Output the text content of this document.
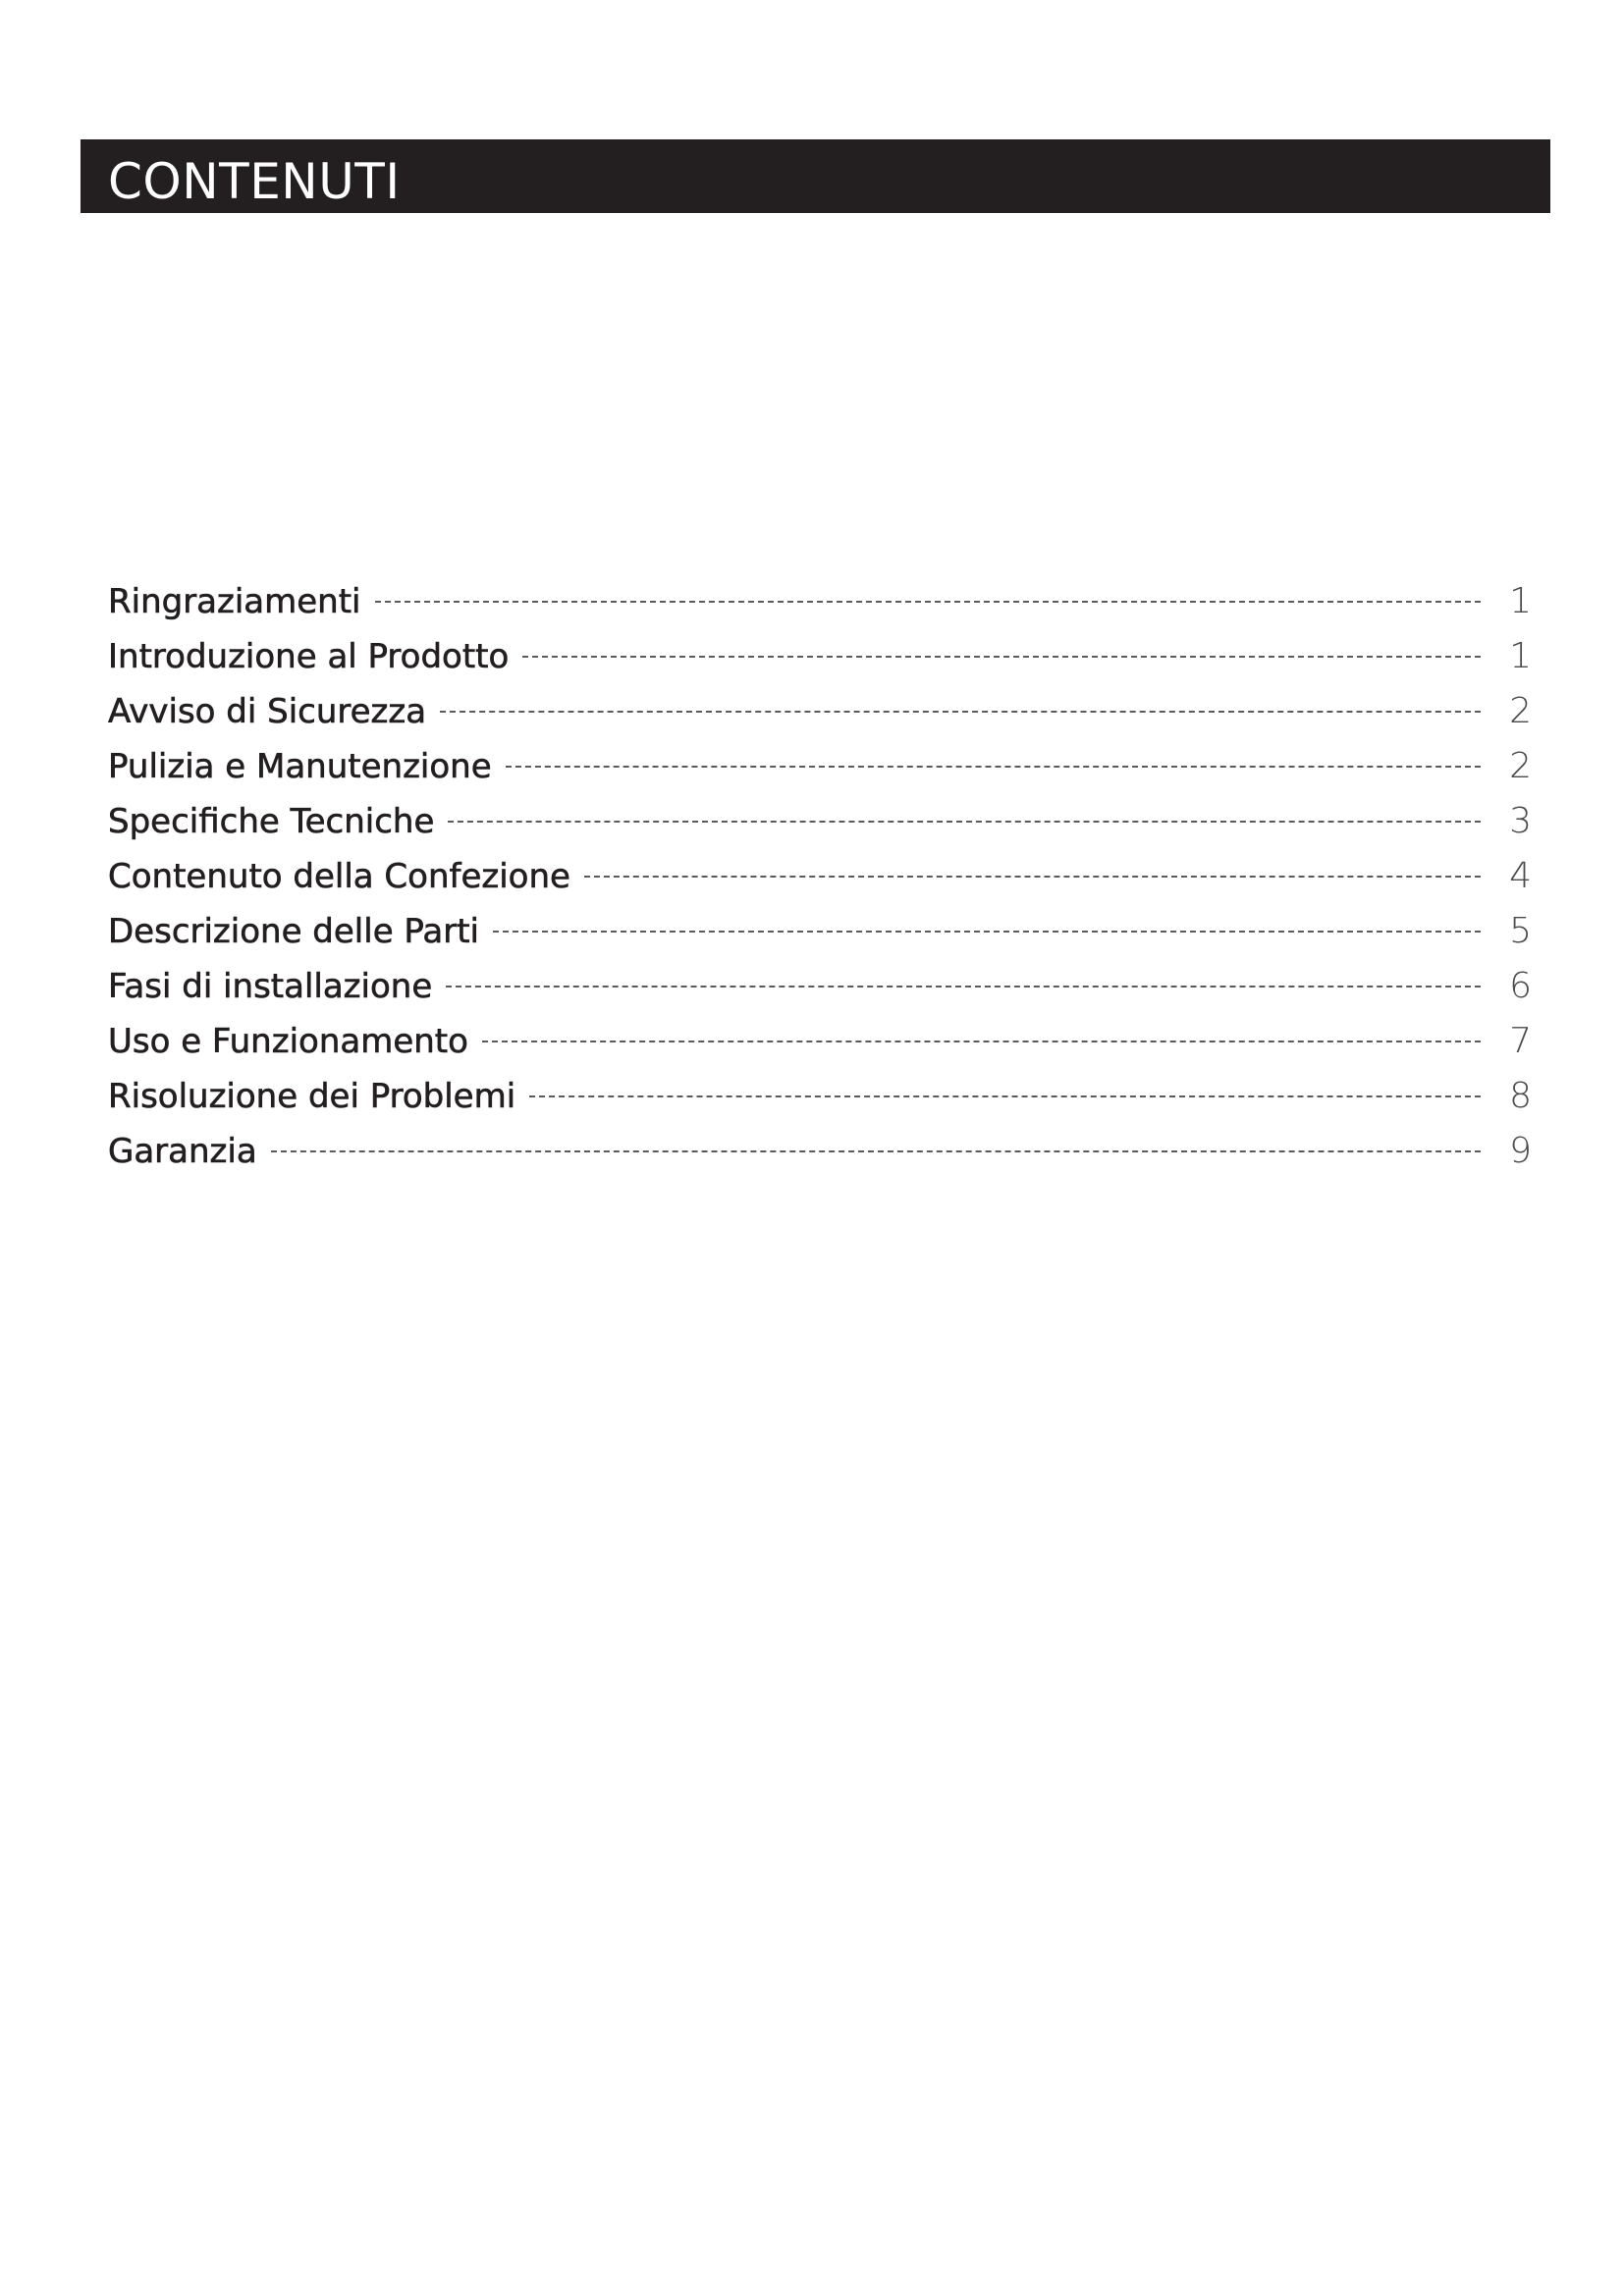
CONTENUTI
Ringraziamenti	1
Introduzione al Prodotto	1
Avviso di Sicurezza	2
Pulizia e Manutenzione	2
Specifiche Tecniche	3
Contenuto della Confezione	4
Descrizione delle Parti	5
Fasi di installazione	6
Uso e Funzionamento	7
Risoluzione dei Problemi	8
Garanzia	9
